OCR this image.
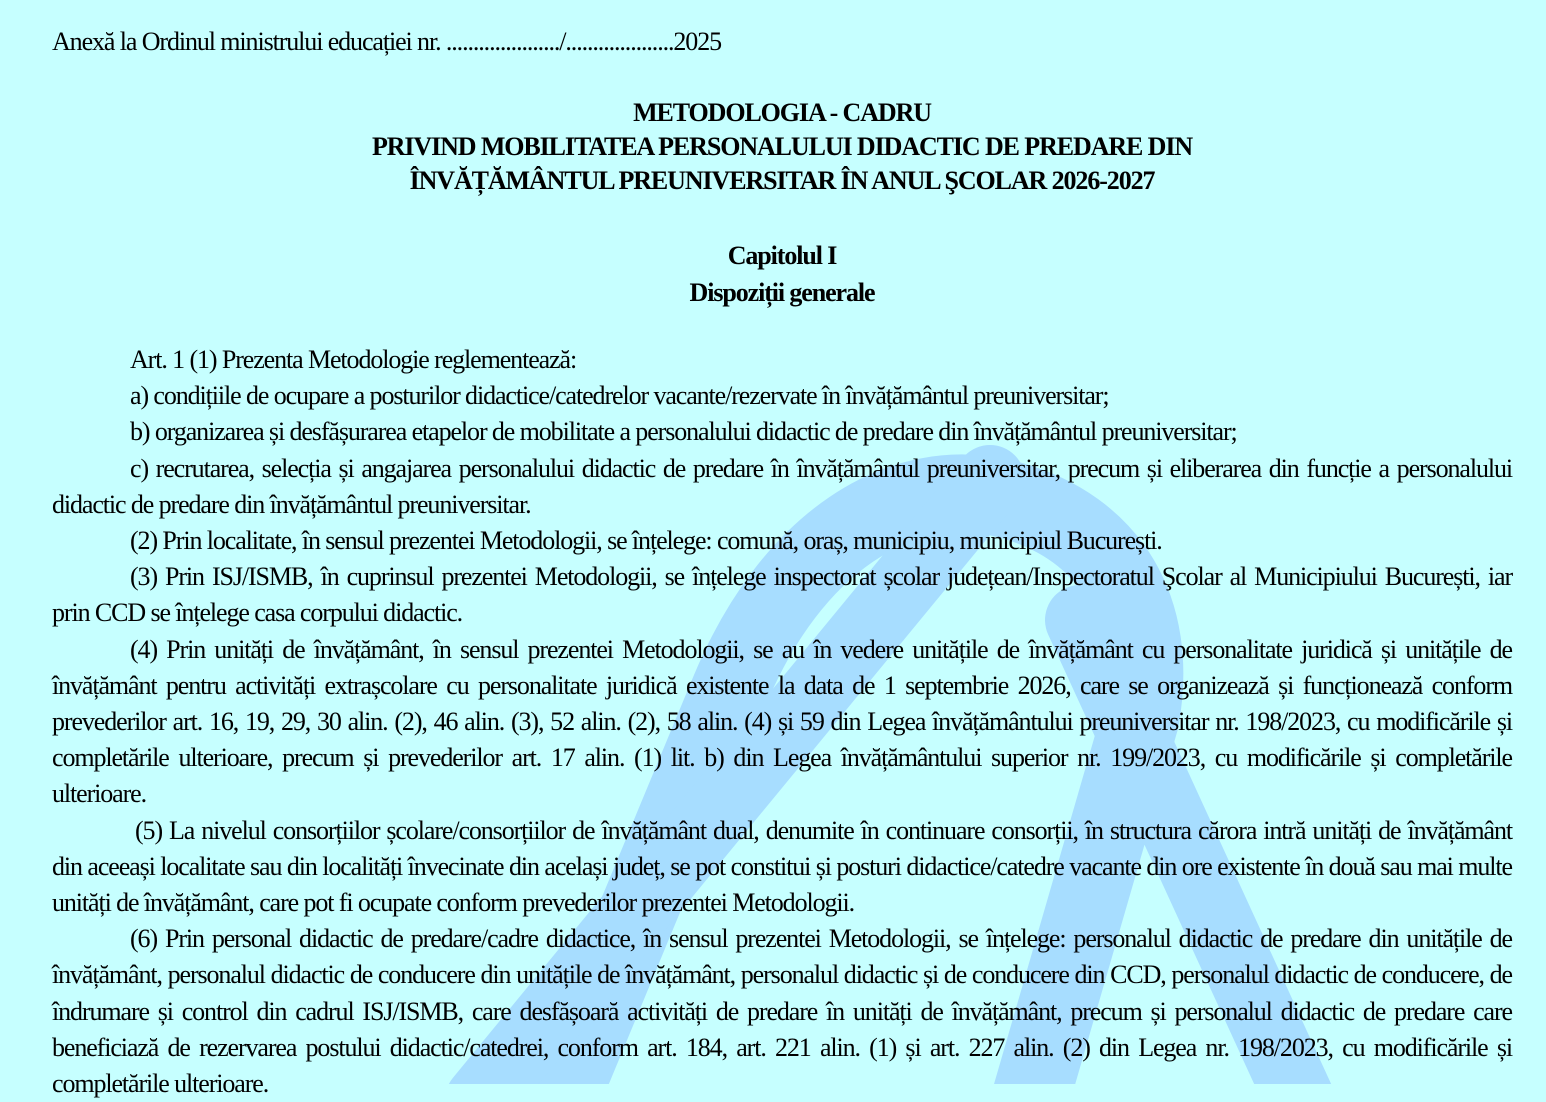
Anexă la Ordinul ministrului educației nr. ...................../....................2025
METODOLOGIA - CADRU
PRIVIND MOBILITATEA PERSONALULUI DIDACTIC DE PREDARE DIN
ÎNVĂȚĂMÂNTUL PREUNIVERSITAR ÎN ANUL ŞCOLAR 2026-2027
Capitolul I
Dispoziții generale

Art. 1 (1) Prezenta Metodologie reglementează:

a) condițiile de ocupare a posturilor didactice/catedrelor vacante/rezervate în învățământul preuniversitar;

b) organizarea și desfășurarea etapelor de mobilitate a personalului didactic de predare din învățământul preuniversitar;

c) recrutarea, selecția și angajarea personalului didactic de predare în învățământul preuniversitar, precum și eliberarea din funcție a personalului didactic de predare din învățământul preuniversitar.

(2) Prin localitate, în sensul prezentei Metodologii, se înțelege: comună, oraș, municipiu, municipiul București.

(3) Prin ISJ/ISMB, în cuprinsul prezentei Metodologii, se înțelege inspectorat școlar județean/Inspectoratul Şcolar al Municipiului București, iar prin CCD se înțelege casa corpului didactic.

(4) Prin unități de învățământ, în sensul prezentei Metodologii, se au în vedere unitățile de învățământ cu personalitate juridică și unitățile de învățământ pentru activități extrașcolare cu personalitate juridică existente la data de 1 septembrie 2026, care se organizează și funcționează conform prevederilor art. 16, 19, 29, 30 alin. (2), 46 alin. (3), 52 alin. (2), 58 alin. (4) și 59 din Legea învățământului preuniversitar nr. 198/2023, cu modificările și completările ulterioare, precum și prevederilor art. 17 alin. (1) lit. b) din Legea învățământului superior nr. 199/2023, cu modificările și completările ulterioare.

(5) La nivelul consorțiilor școlare/consorțiilor de învățământ dual, denumite în continuare consorții, în structura cărora intră unități de învățământ din aceeași localitate sau din localități învecinate din același județ, se pot constitui și posturi didactice/catedre vacante din ore existente în două sau mai multe unități de învățământ, care pot fi ocupate conform prevederilor prezentei Metodologii.

(6) Prin personal didactic de predare/cadre didactice, în sensul prezentei Metodologii, se înțelege: personalul didactic de predare din unitățile de învățământ, personalul didactic de conducere din unitățile de învățământ, personalul didactic și de conducere din CCD, personalul didactic de conducere, de îndrumare și control din cadrul ISJ/ISMB, care desfășoară activități de predare în unități de învățământ, precum și personalul didactic de predare care beneficiază de rezervarea postului didactic/catedrei, conform art. 184, art. 221 alin. (1) și art. 227 alin. (2) din Legea nr. 198/2023, cu modificările și completările ulterioare.
